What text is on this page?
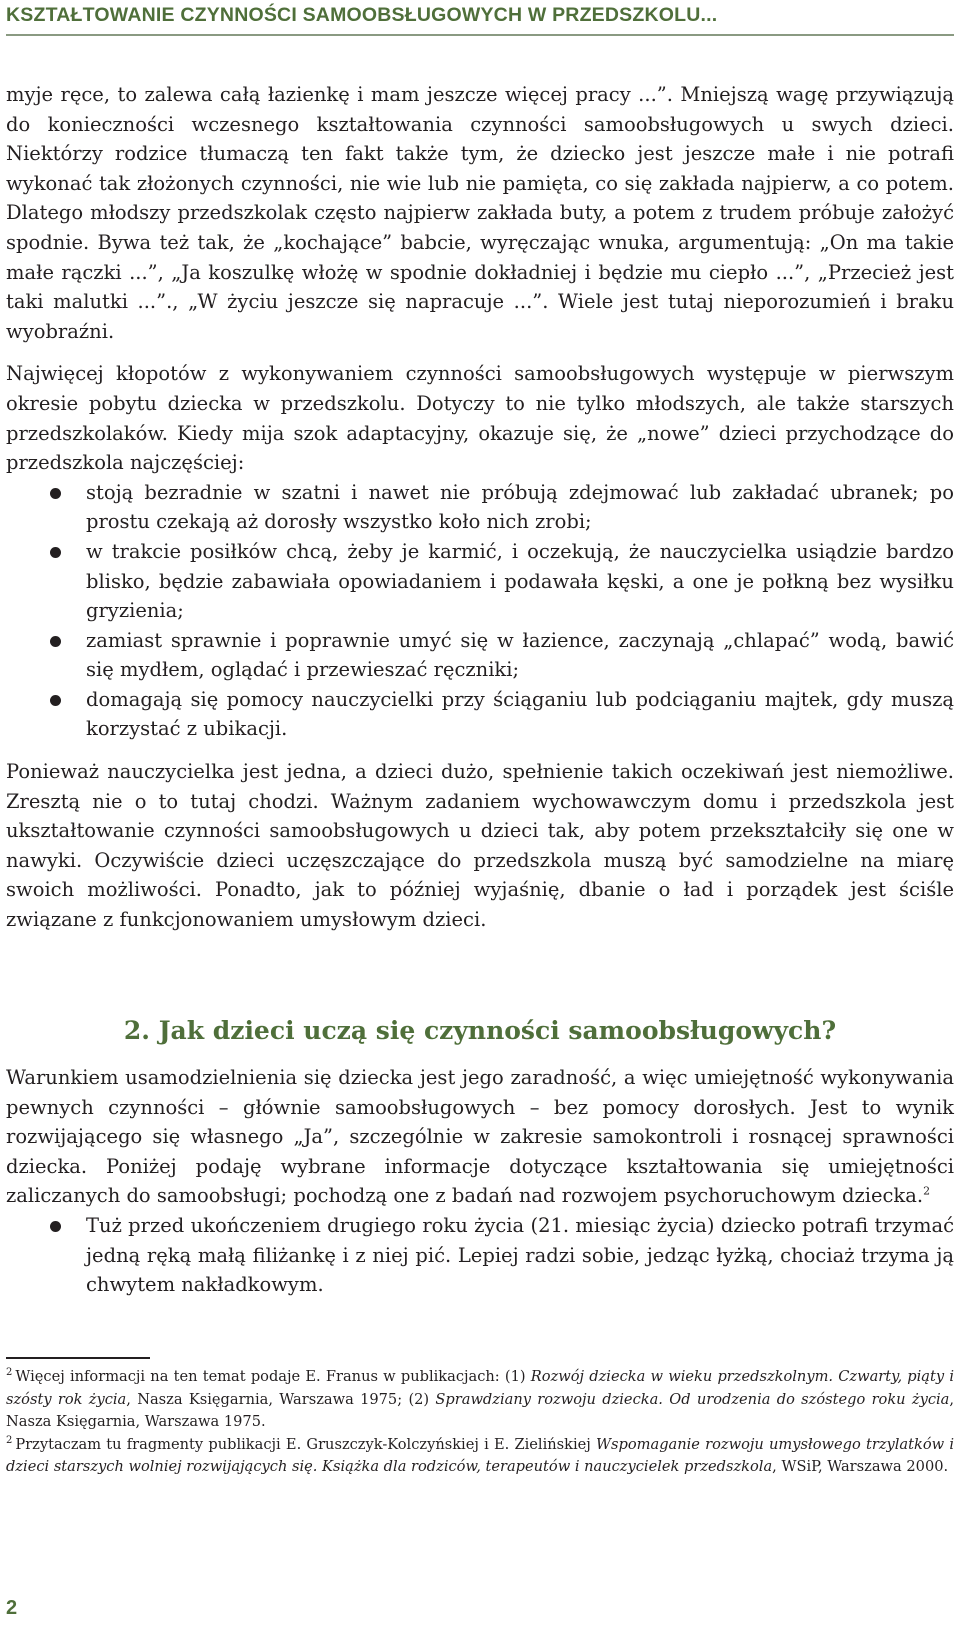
KSZTAŁTOWANIE CZYNNOŚCI SAMOOBSŁUGOWYCH W PRZEDSZKOLU...

myje ręce, to zalewa całą łazienkę i mam jeszcze więcej pracy ...”. Mniejszą wagę przywiązują do konieczności wczesnego kształtowania czynności samoobsługowych u swych dzieci. Niektórzy rodzice tłumaczą ten fakt także tym, że dziecko jest jeszcze małe i nie potrafi wykonać tak złożonych czynności, nie wie lub nie pamięta, co się zakłada najpierw, a co potem. Dlatego młodszy przedszkolak często najpierw zakłada buty, a potem z trudem próbuje założyć spodnie. Bywa też tak, że „kochające” babcie, wyręczając wnuka, argumentują: „On ma takie małe rączki ...”, „Ja koszulkę włożę w spodnie dokładniej i będzie mu ciepło ...”, „Przecież jest taki malutki ...”., „W życiu jeszcze się napracuje ...”. Wiele jest tutaj nieporozumień i braku wyobraźni.

Najwięcej kłopotów z wykonywaniem czynności samoobsługowych występuje w pierwszym okresie pobytu dziecka w przedszkolu. Dotyczy to nie tylko młodszych, ale także starszych przedszkolaków. Kiedy mija szok adaptacyjny, okazuje się, że „nowe” dzieci przychodzące do przedszkola najczęściej:

stoją bezradnie w szatni i nawet nie próbują zdejmować lub zakładać ubranek; po prostu czekają aż dorosły wszystko koło nich zrobi;
w trakcie posiłków chcą, żeby je karmić, i oczekują, że nauczycielka usiądzie bardzo blisko, będzie zabawiała opowiadaniem i podawała kęski, a one je połkną bez wysiłku gryzienia;
zamiast sprawnie i poprawnie umyć się w łazience, zaczynają „chlapać” wodą, bawić się mydłem, oglądać i przewieszać ręczniki;
domagają się pomocy nauczycielki przy ściąganiu lub podciąganiu majtek, gdy muszą korzystać z ubikacji.

Ponieważ nauczycielka jest jedna, a dzieci dużo, spełnienie takich oczekiwań jest niemożliwe. Zresztą nie o to tutaj chodzi. Ważnym zadaniem wychowawczym domu i przedszkola jest ukształtowanie czynności samoobsługowych u dzieci tak, aby potem przekształciły się one w nawyki. Oczywiście dzieci uczęszczające do przedszkola muszą być samodzielne na miarę swoich możliwości. Ponadto, jak to później wyjaśnię, dbanie o ład i porządek jest ściśle związane z funkcjonowaniem umysłowym dzieci.

2. Jak dzieci uczą się czynności samoobsługowych?

Warunkiem usamodzielnienia się dziecka jest jego zaradność, a więc umiejętność wykonywania pewnych czynności – głównie samoobsługowych – bez pomocy dorosłych. Jest to wynik rozwijającego się własnego „Ja”, szczególnie w zakresie samokontroli i rosnącej sprawności dziecka. Poniżej podaję wybrane informacje dotyczące kształtowania się umiejętności zaliczanych do samoobsługi; pochodzą one z badań nad rozwojem psychoruchowym dziecka.$^2$

Tuż przed ukończeniem drugiego roku życia (21. miesiąc życia) dziecko potrafi trzymać jedną ręką małą filiżankę i z niej pić. Lepiej radzi sobie, jedząc łyżką, chociaż trzyma ją chwytem nakładkowym.

$^2$ Więcej informacji na ten temat podaje E. Franus w publikacjach: (1) Rozwój dziecka w wieku przedszkolnym. Czwarty, piąty i szósty rok życia, Nasza Księgarnia, Warszawa 1975; (2) Sprawdziany rozwoju dziecka. Od urodzenia do szóstego roku życia, Nasza Księgarnia, Warszawa 1975.

$^2$ Przytaczam tu fragmenty publikacji E. Gruszczyk-Kolczyńskiej i E. Zielińskiej Wspomaganie rozwoju umysłowego trzylatków i dzieci starszych wolniej rozwijających się. Książka dla rodziców, terapeutów i nauczycielek przedszkola, WSiP, Warszawa 2000.

2
